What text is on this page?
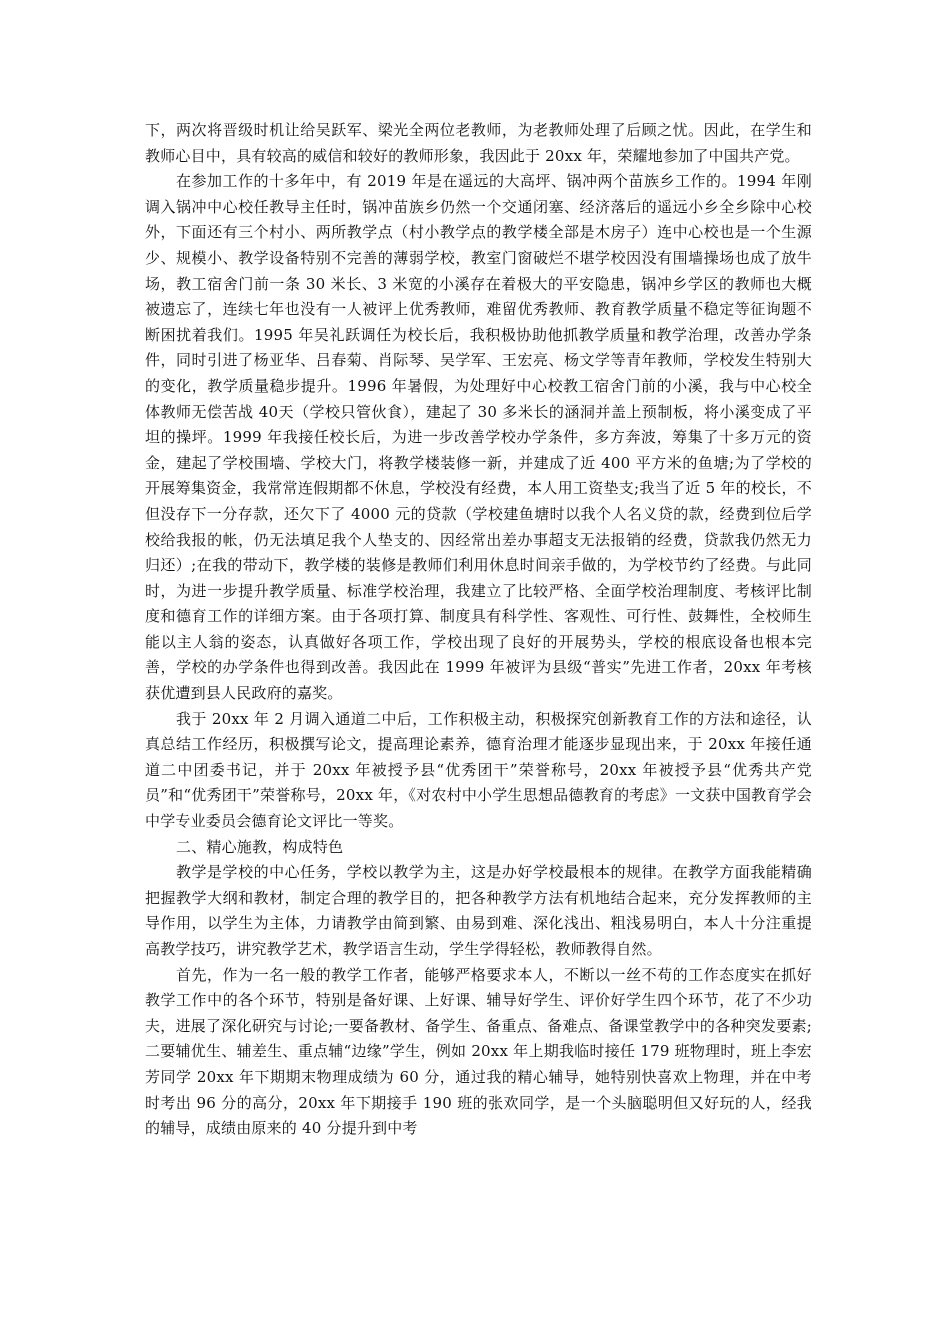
下，两次将晋级时机让给吴跃军、梁光全两位老教师，为老教师处理了后顾之忧。因此，在学生和教师心目中，具有较高的威信和较好的教师形象，我因此于 20xx 年，荣耀地参加了中国共产党。

在参加工作的十多年中，有 2019 年是在遥远的大高坪、锅冲两个苗族乡工作的。1994 年刚调入锅冲中心校任教导主任时，锅冲苗族乡仍然一个交通闭塞、经济落后的遥远小乡全乡除中心校外，下面还有三个村小、两所教学点（村小教学点的教学楼全部是木房子）连中心校也是一个生源少、规模小、教学设备特别不完善的薄弱学校，教室门窗破烂不堪学校因没有围墙操场也成了放牛场，教工宿舍门前一条 30 米长、3 米宽的小溪存在着极大的平安隐患，锅冲乡学区的教师也大概被遗忘了，连续七年也没有一人被评上优秀教师，难留优秀教师、教育教学质量不稳定等征询题不断困扰着我们。1995 年吴礼跃调任为校长后，我积极协助他抓教学质量和教学治理，改善办学条件，同时引进了杨亚华、吕春菊、肖际琴、吴学军、王宏亮、杨文学等青年教师，学校发生特别大的变化，教学质量稳步提升。1996 年暑假，为处理好中心校教工宿舍门前的小溪，我与中心校全体教师无偿苦战 40天（学校只管伙食），建起了 30 多米长的涵洞并盖上预制板，将小溪变成了平坦的操坪。1999 年我接任校长后，为进一步改善学校办学条件，多方奔波，筹集了十多万元的资金，建起了学校围墙、学校大门，将教学楼装修一新，并建成了近 400 平方米的鱼塘;为了学校的开展筹集资金，我常常连假期都不休息，学校没有经费，本人用工资垫支;我当了近 5 年的校长，不但没存下一分存款，还欠下了 4000 元的贷款（学校建鱼塘时以我个人名义贷的款，经费到位后学校给我报的帐，仍无法填足我个人垫支的、因经常出差办事超支无法报销的经费，贷款我仍然无力归还）;在我的带动下，教学楼的装修是教师们利用休息时间亲手做的，为学校节约了经费。与此同时，为进一步提升教学质量、标准学校治理，我建立了比较严格、全面学校治理制度、考核评比制度和德育工作的详细方案。由于各项打算、制度具有科学性、客观性、可行性、鼓舞性，全校师生能以主人翁的姿态，认真做好各项工作，学校出现了良好的开展势头，学校的根底设备也根本完善，学校的办学条件也得到改善。我因此在 1999 年被评为县级“普实”先进工作者，20xx 年考核获优遭到县人民政府的嘉奖。

我于 20xx 年 2 月调入通道二中后，工作积极主动，积极探究创新教育工作的方法和途径，认真总结工作经历，积极撰写论文，提高理论素养，德育治理才能逐步显现出来，于 20xx 年接任通道二中团委书记，并于 20xx 年被授予县“优秀团干”荣誉称号，20xx 年被授予县“优秀共产党员”和“优秀团干”荣誉称号，20xx 年，《对农村中小学生思想品德教育的考虑》一文获中国教育学会中学专业委员会德育论文评比一等奖。

二、精心施教，构成特色

教学是学校的中心任务，学校以教学为主，这是办好学校最根本的规律。在教学方面我能精确把握教学大纲和教材，制定合理的教学目的，把各种教学方法有机地结合起来，充分发挥教师的主导作用，以学生为主体，力请教学由简到繁、由易到难、深化浅出、粗浅易明白，本人十分注重提高教学技巧，讲究教学艺术，教学语言生动，学生学得轻松，教师教得自然。

首先，作为一名一般的教学工作者，能够严格要求本人，不断以一丝不苟的工作态度实在抓好教学工作中的各个环节，特别是备好课、上好课、辅导好学生、评价好学生四个环节，花了不少功夫，进展了深化研究与讨论;一要备教材、备学生、备重点、备难点、备课堂教学中的各种突发要素;二要辅优生、辅差生、重点辅“边缘”学生，例如 20xx 年上期我临时接任 179 班物理时，班上李宏芳同学 20xx 年下期期末物理成绩为 60 分，通过我的精心辅导，她特别快喜欢上物理，并在中考时考出 96 分的高分，20xx 年下期接手 190 班的张欢同学，是一个头脑聪明但又好玩的人，经我的辅导，成绩由原来的 40 分提升到中考
